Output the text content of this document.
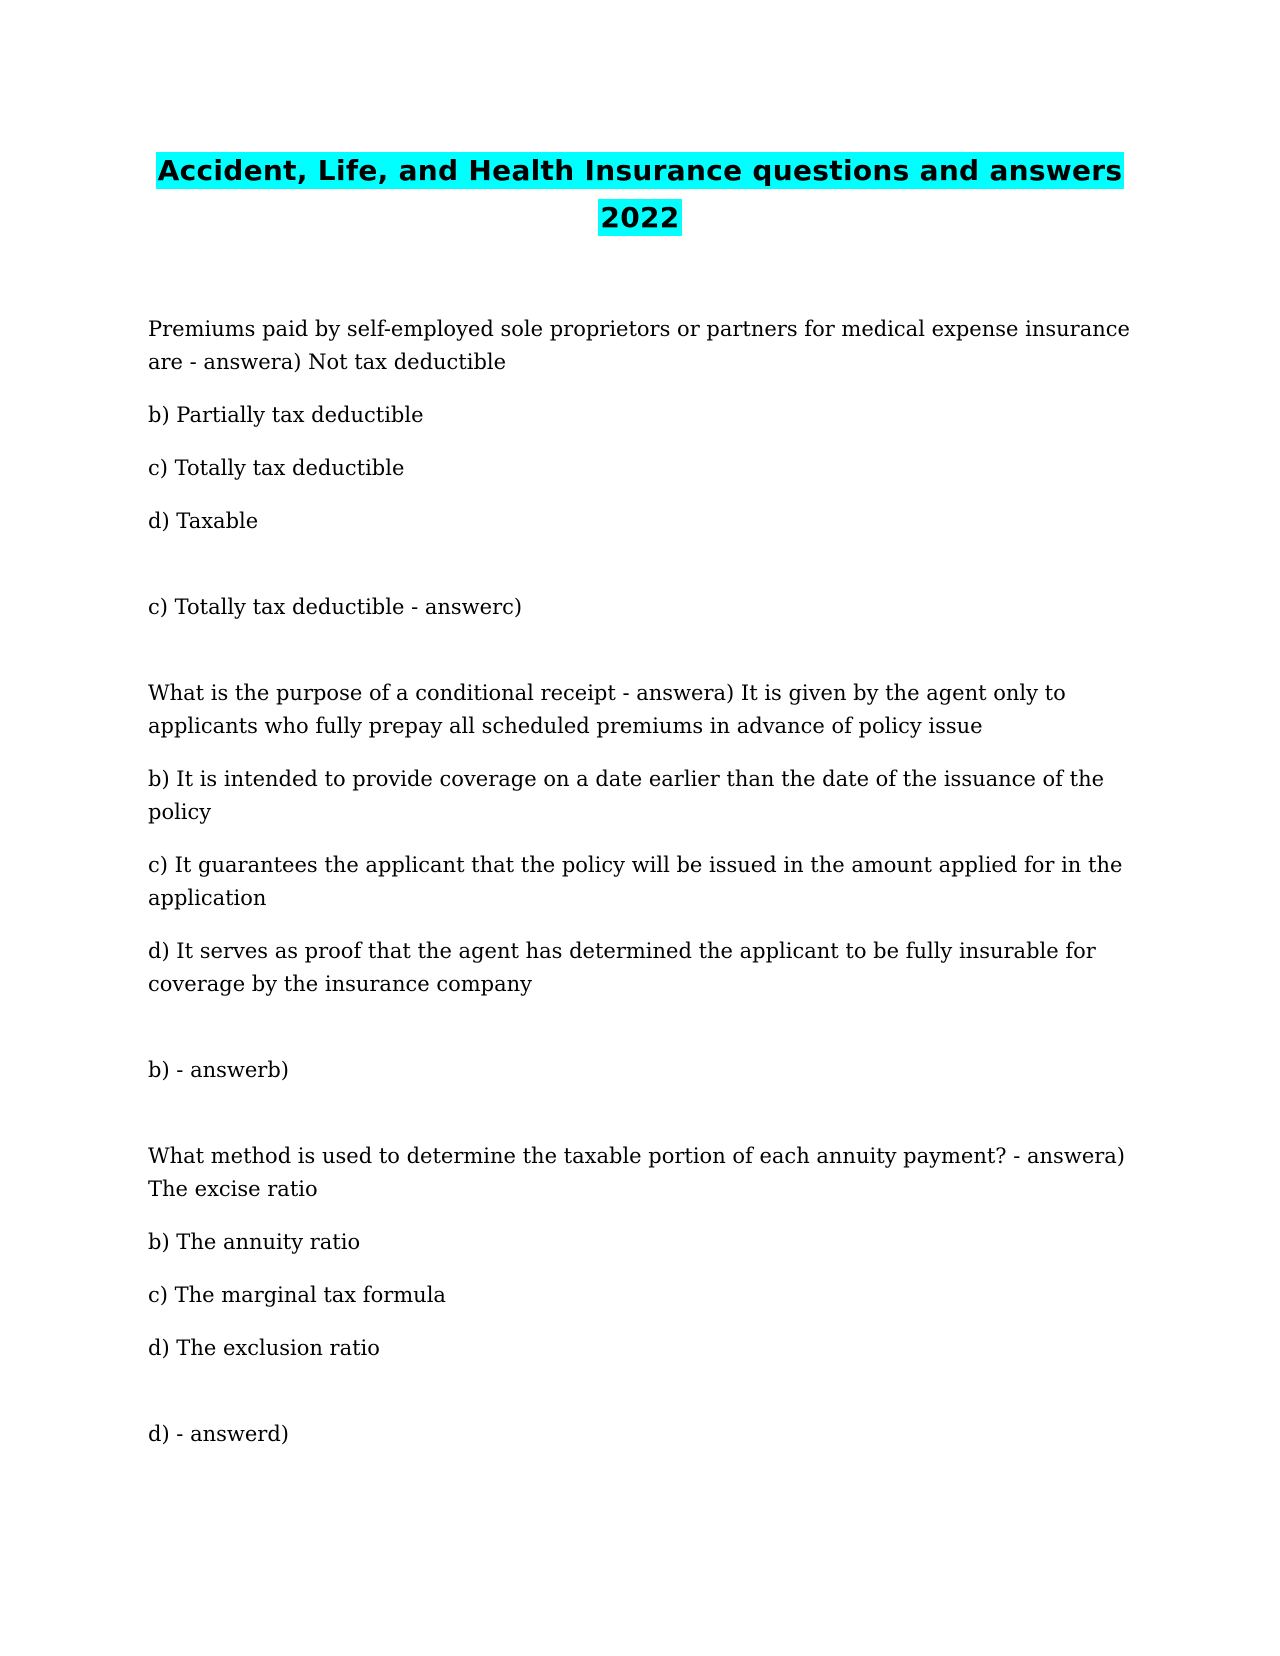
Accident, Life, and Health Insurance questions and answers
2022

Premiums paid by self-employed sole proprietors or partners for medical expense insurance are - answera) Not tax deductible

b) Partially tax deductible

c) Totally tax deductible

d) Taxable

c) Totally tax deductible - answerc)

What is the purpose of a conditional receipt - answera) It is given by the agent only to applicants who fully prepay all scheduled premiums in advance of policy issue

b) It is intended to provide coverage on a date earlier than the date of the issuance of the policy

c) It guarantees the applicant that the policy will be issued in the amount applied for in the application

d) It serves as proof that the agent has determined the applicant to be fully insurable for coverage by the insurance company

b) - answerb)

What method is used to determine the taxable portion of each annuity payment? - answera) The excise ratio

b) The annuity ratio

c) The marginal tax formula

d) The exclusion ratio

d) - answerd)
